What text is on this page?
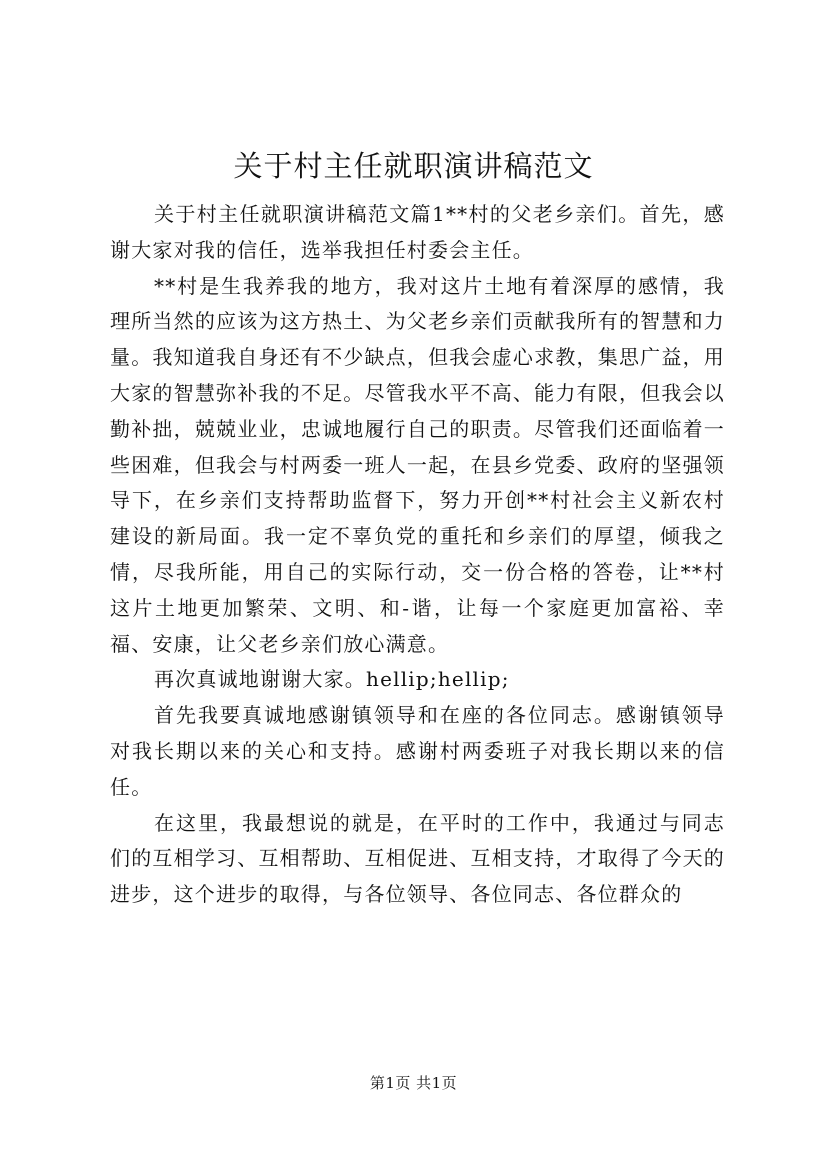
关于村主任就职演讲稿范文

关于村主任就职演讲稿范文篇1**村的父老乡亲们。首先，感谢大家对我的信任，选举我担任村委会主任。

**村是生我养我的地方，我对这片土地有着深厚的感情，我理所当然的应该为这方热土、为父老乡亲们贡献我所有的智慧和力量。我知道我自身还有不少缺点，但我会虚心求教，集思广益，用大家的智慧弥补我的不足。尽管我水平不高、能力有限，但我会以勤补拙，兢兢业业，忠诚地履行自己的职责。尽管我们还面临着一些困难，但我会与村两委一班人一起，在县乡党委、政府的坚强领导下，在乡亲们支持帮助监督下，努力开创**村社会主义新农村建设的新局面。我一定不辜负党的重托和乡亲们的厚望，倾我之情，尽我所能，用自己的实际行动，交一份合格的答卷，让**村这片土地更加繁荣、文明、和-谐，让每一个家庭更加富裕、幸福、安康，让父老乡亲们放心满意。

再次真诚地谢谢大家。hellip;hellip;

首先我要真诚地感谢镇领导和在座的各位同志。感谢镇领导对我长期以来的关心和支持。感谢村两委班子对我长期以来的信任。

在这里，我最想说的就是，在平时的工作中，我通过与同志们的互相学习、互相帮助、互相促进、互相支持，才取得了今天的进步，这个进步的取得，与各位领导、各位同志、各位群众的

第1页 共1页
